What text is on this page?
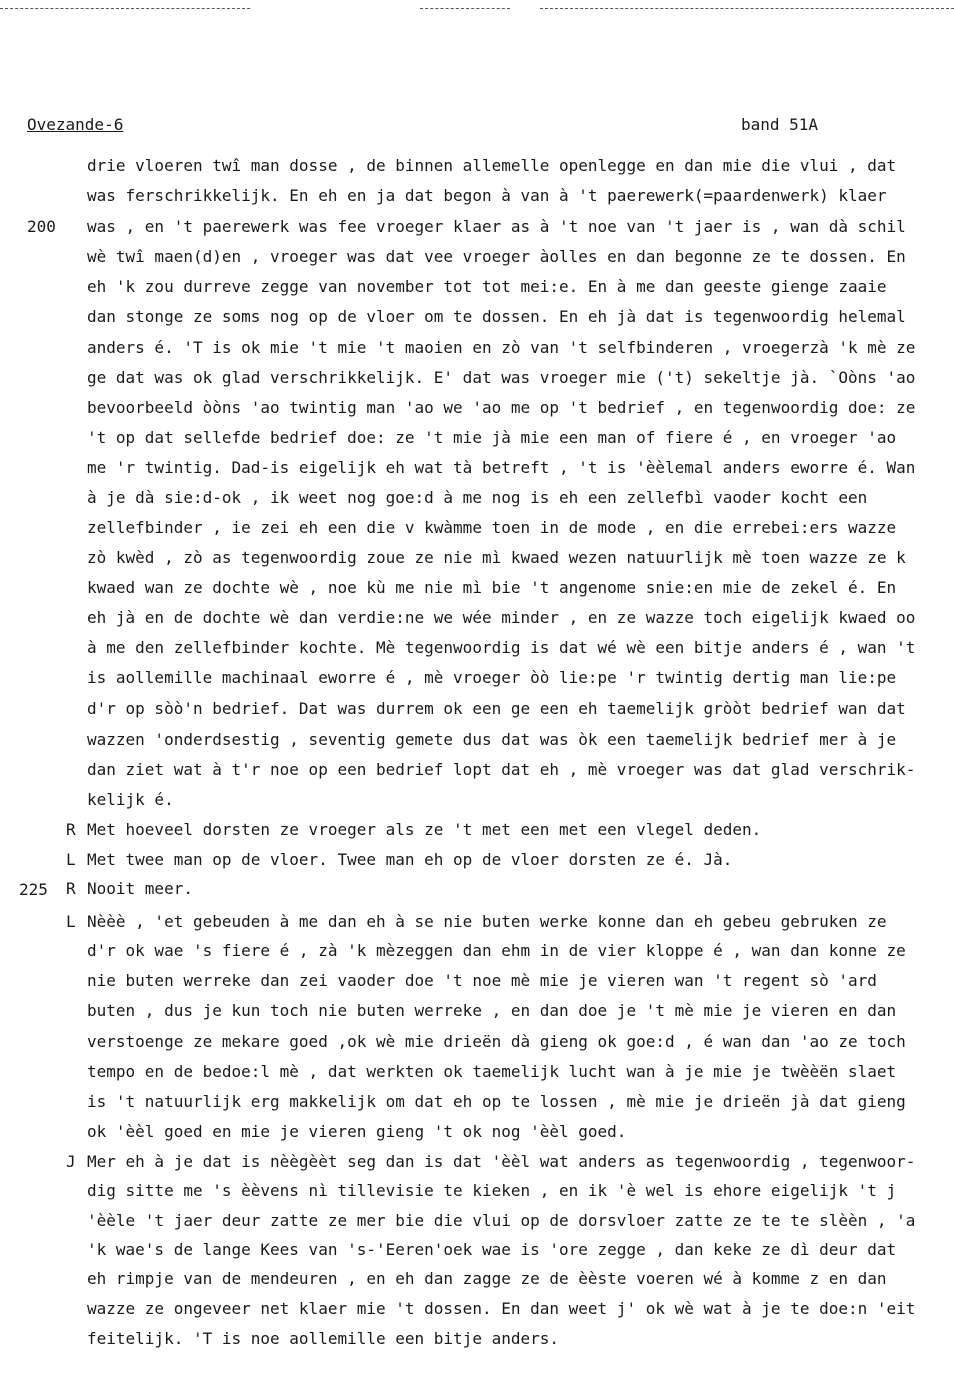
Ovezande-6	band 51A
200
225
drie vloeren twî man dosse , de binnen allemelle openlegge en dan mie die vlui , dat
was ferschrikkelijk. En eh en ja dat begon à van à 't paerewerk(=paardenwerk) klaer
was , en 't paerewerk was fee vroeger klaer as à 't noe van 't jaer is , wan dà schil
wè twî maen(d)en , vroeger was dat vee vroeger àolles en dan begonne ze te dossen. En
eh 'k zou durreve zegge van november tot tot mei:e. En à me dan geeste gienge zaaie
dan stonge ze soms nog op de vloer om te dossen. En eh jà dat is tegenwoordig helemal
anders é. 'T is ok mie 't mie 't maoien en zò van 't selfbinderen , vroegerzà 'k mè ze
ge dat was ok glad verschrikkelijk. E' dat was vroeger mie ('t) sekeltje jà. `Oòns 'ao
bevoorbeeld òòns 'ao twintig man 'ao we 'ao me op 't bedrief , en tegenwoordig doe: ze
't op dat sellefde bedrief doe: ze 't mie jà mie een man of fiere é , en vroeger 'ao
me 'r twintig. Dad-is eigelijk eh wat tà betreft , 't is 'èèlemal anders eworre é. Wan
à je dà sie:d-ok , ik weet nog goe:d à me nog is eh een zellefbì vaoder kocht een
zellefbinder , ie zei eh een die v kwàmme toen in de mode , en die errebei:ers wazze
zò kwèd , zò as tegenwoordig zoue ze nie mì kwaed wezen natuurlijk mè toen wazze ze k
kwaed wan ze dochte wè , noe kù me nie mì bie 't angenome snie:en mie de zekel é. En
eh jà en de dochte wè dan verdie:ne we wée minder , en ze wazze toch eigelijk kwaed oo
à me den zellefbinder kochte. Mè tegenwoordig is dat wé wè een bitje anders é , wan 't
is aollemille machinaal eworre é , mè vroeger òò lie:pe 'r twintig dertig man lie:pe
d'r op sòò'n bedrief. Dat was durrem ok een ge een eh taemelijk gròòt bedrief wan dat
wazzen 'onderdsestig , seventig gemete dus dat was òk een taemelijk bedrief mer à je
dan ziet wat à t'r noe op een bedrief lopt dat eh , mè vroeger was dat glad verschrik-
kelijk é.
R Met hoeveel dorsten ze vroeger als ze 't met een met een vlegel deden.
L Met twee man op de vloer. Twee man eh op de vloer dorsten ze é. Jà.
R Nooit meer.
L Nèèè , 'et gebeuden à me dan eh à se nie buten werke konne dan eh gebeu gebruken ze
d'r ok wae 's fiere é , zà 'k mèzeggen dan ehm in de vier kloppe é , wan dan konne ze
nie buten werreke dan zei vaoder doe 't noe mè mie je vieren wan 't regent sò 'ard
buten , dus je kun toch nie buten werreke , en dan doe je 't mè mie je vieren en dan
verstoenge ze mekare goed ,ok wè mie drieën dà gieng ok goe:d , é wan dan 'ao ze toch
tempo en de bedoe:l mè , dat werkten ok taemelijk lucht wan à je mie je twèèën slaet
is 't natuurlijk erg makkelijk om dat eh op te lossen , mè mie je drieën jà dat gieng
ok 'èèl goed en mie je vieren gieng 't ok nog 'èèl goed.
J Mer eh à je dat is nèègèèt seg dan is dat 'èèl wat anders as tegenwoordig , tegenwoor-
dig sitte me 's èèvens nì tillevisie te kieken , en ik 'è wel is ehore eigelijk 't j
'èèle 't jaer deur zatte ze mer bie die vlui op de dorsvloer zatte ze te te slèèn , 'a
'k wae's de lange Kees van 's-'Eeren'oek wae is 'ore zegge , dan keke ze dì deur dat
eh rimpje van de mendeuren , en eh dan zagge ze de èèste voeren wé à komme z en dan
wazze ze ongeveer net klaer mie 't dossen. En dan weet j' ok wè wat à je te doe:n 'eit
feitelijk. 'T is noe aollemille een bitje anders.
